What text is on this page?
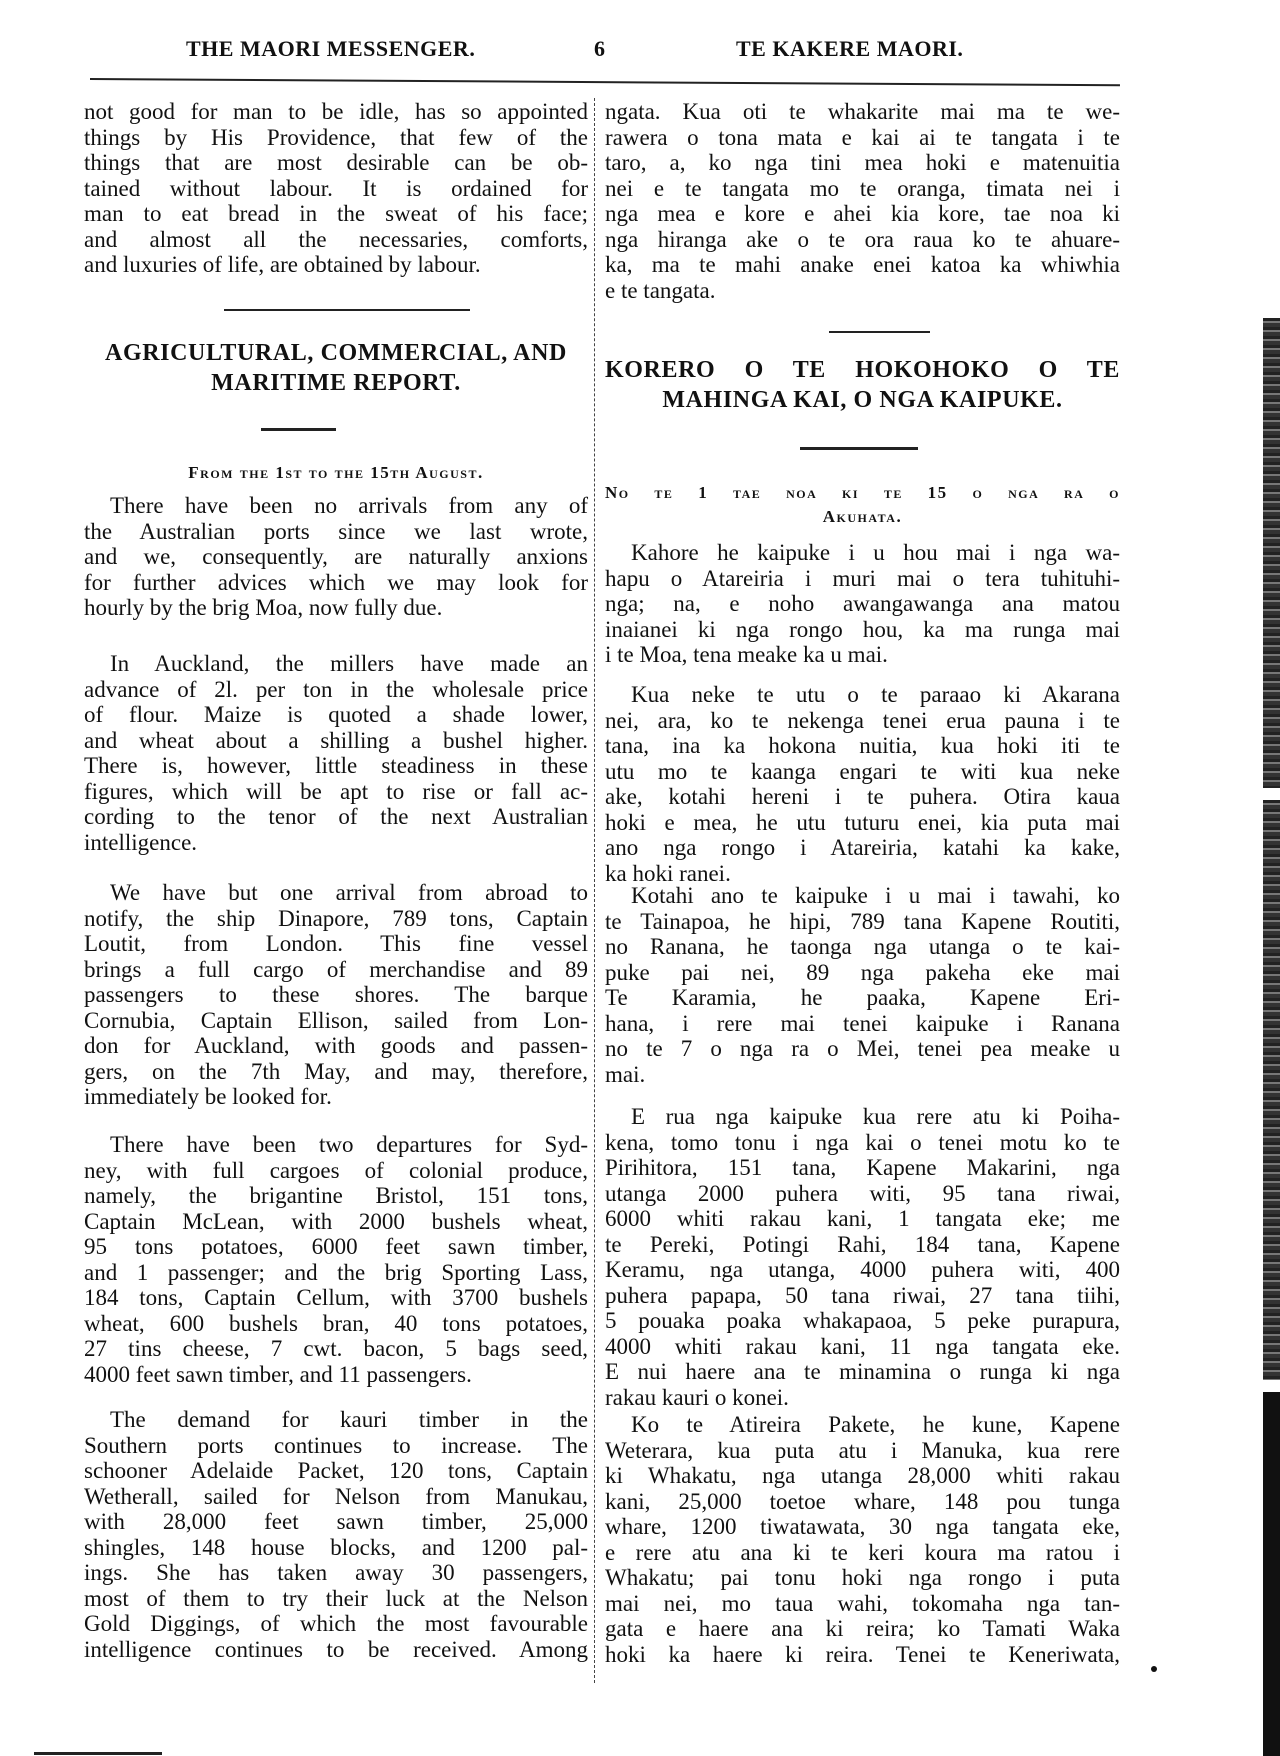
THE MAORI MESSENGER.	6	TE KAKERE MAORI.
not good for man to be idle, has so appointed
things by His Providence, that few of the
things that are most desirable can be ob-
tained without labour. It is ordained for
man to eat bread in the sweat of his face;
and almost all the necessaries, comforts,
and luxuries of life, are obtained by labour.
AGRICULTURAL, COMMERCIAL, AND
MARITIME REPORT.
From the 1st to the 15th August.
There have been no arrivals from any of
the Australian ports since we last wrote,
and we, consequently, are naturally anxions
for further advices which we may look for
hourly by the brig Moa, now fully due.
In Auckland, the millers have made an
advance of 2l. per ton in the wholesale price
of flour. Maize is quoted a shade lower,
and wheat about a shilling a bushel higher.
There is, however, little steadiness in these
figures, which will be apt to rise or fall ac-
cording to the tenor of the next Australian
intelligence.
We have but one arrival from abroad to
notify, the ship Dinapore, 789 tons, Captain
Loutit, from London. This fine vessel
brings a full cargo of merchandise and 89
passengers to these shores. The barque
Cornubia, Captain Ellison, sailed from Lon-
don for Auckland, with goods and passen-
gers, on the 7th May, and may, therefore,
immediately be looked for.
There have been two departures for Syd-
ney, with full cargoes of colonial produce,
namely, the brigantine Bristol, 151 tons,
Captain McLean, with 2000 bushels wheat,
95 tons potatoes, 6000 feet sawn timber,
and 1 passenger; and the brig Sporting Lass,
184 tons, Captain Cellum, with 3700 bushels
wheat, 600 bushels bran, 40 tons potatoes,
27 tins cheese, 7 cwt. bacon, 5 bags seed,
4000 feet sawn timber, and 11 passengers.
The demand for kauri timber in the
Southern ports continues to increase. The
schooner Adelaide Packet, 120 tons, Captain
Wetherall, sailed for Nelson from Manukau,
with 28,000 feet sawn timber, 25,000
shingles, 148 house blocks, and 1200 pal-
ings. She has taken away 30 passengers,
most of them to try their luck at the Nelson
Gold Diggings, of which the most favourable
intelligence continues to be received. Among
ngata. Kua oti te whakarite mai ma te we-
rawera o tona mata e kai ai te tangata i te
taro, a, ko nga tini mea hoki e matenuitia
nei e te tangata mo te oranga, timata nei i
nga mea e kore e ahei kia kore, tae noa ki
nga hiranga ake o te ora raua ko te ahuare-
ka, ma te mahi anake enei katoa ka whiwhia
e te tangata.
KORERO O TE HOKOHOKO O TE
MAHINGA KAI, O NGA KAIPUKE.
No te 1 tae noa ki te 15 o nga ra o
Akuhata.
Kahore he kaipuke i u hou mai i nga wa-
hapu o Atareiria i muri mai o tera tuhituhi-
nga; na, e noho awangawanga ana matou
inaianei ki nga rongo hou, ka ma runga mai
i te Moa, tena meake ka u mai.
Kua neke te utu o te paraao ki Akarana
nei, ara, ko te nekenga tenei erua pauna i te
tana, ina ka hokona nuitia, kua hoki iti te
utu mo te kaanga engari te witi kua neke
ake, kotahi hereni i te puhera. Otira kaua
hoki e mea, he utu tuturu enei, kia puta mai
ano nga rongo i Atareiria, katahi ka kake,
ka hoki ranei.
Kotahi ano te kaipuke i u mai i tawahi, ko
te Tainapoa, he hipi, 789 tana Kapene Routiti,
no Ranana, he taonga nga utanga o te kai-
puke pai nei, 89 nga pakeha eke mai
Te Karamia, he paaka, Kapene Eri-
hana, i rere mai tenei kaipuke i Ranana
no te 7 o nga ra o Mei, tenei pea meake u
mai.
E rua nga kaipuke kua rere atu ki Poiha-
kena, tomo tonu i nga kai o tenei motu ko te
Pirihitora, 151 tana, Kapene Makarini, nga
utanga 2000 puhera witi, 95 tana riwai,
6000 whiti rakau kani, 1 tangata eke; me
te Pereki, Potingi Rahi, 184 tana, Kapene
Keramu, nga utanga, 4000 puhera witi, 400
puhera papapa, 50 tana riwai, 27 tana tiihi,
5 pouaka poaka whakapaoa, 5 peke purapura,
4000 whiti rakau kani, 11 nga tangata eke.
E nui haere ana te minamina o runga ki nga
rakau kauri o konei.
Ko te Atireira Pakete, he kune, Kapene
Weterara, kua puta atu i Manuka, kua rere
ki Whakatu, nga utanga 28,000 whiti rakau
kani, 25,000 toetoe whare, 148 pou tunga
whare, 1200 tiwatawata, 30 nga tangata eke,
e rere atu ana ki te keri koura ma ratou i
Whakatu; pai tonu hoki nga rongo i puta
mai nei, mo taua wahi, tokomaha nga tan-
gata e haere ana ki reira; ko Tamati Waka
hoki ka haere ki reira. Tenei te Keneriwata,
